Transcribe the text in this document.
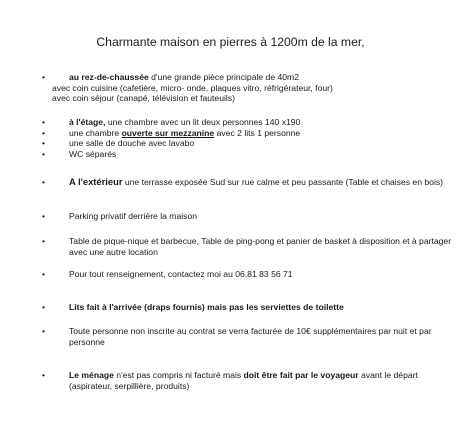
Charmante maison en pierres à 1200m de la mer,
•	au rez-de-chaussée d'une grande pièce principale de 40m2

avec coin cuisine (cafetière, micro- onde, plaques vitro, réfrigérateur, four)

avec coin séjour (canapé, télévision et fauteuils)

•	à l'étage, une chambre avec un lit deux personnes 140 x190

•	une chambre ouverte sur mezzanine avec 2 lits 1 personne

•	une salle de douche avec lavabo

•	WC séparés

•	A l'extérieur une terrasse exposée Sud sur rue calme et peu passante (Table et chaises en bois)

•	Parking privatif derrière la maison

•	Table de pique-nique et barbecue, Table de ping-pong et panier de basket à disposition et à partager avec une autre location

•	Pour tout renseignement, contactez moi au 06.81 83 56 71

•	Lits fait à l'arrivée (draps fournis) mais pas les serviettes de toilette

•	Toute personne non inscrite au contrat se verra facturée de 10€ supplémentaires par nuit et par personne

•	Le ménage n'est pas compris ni facturé mais doit être fait par le voyageur avant le départ (aspirateur, serpillière, produits)
